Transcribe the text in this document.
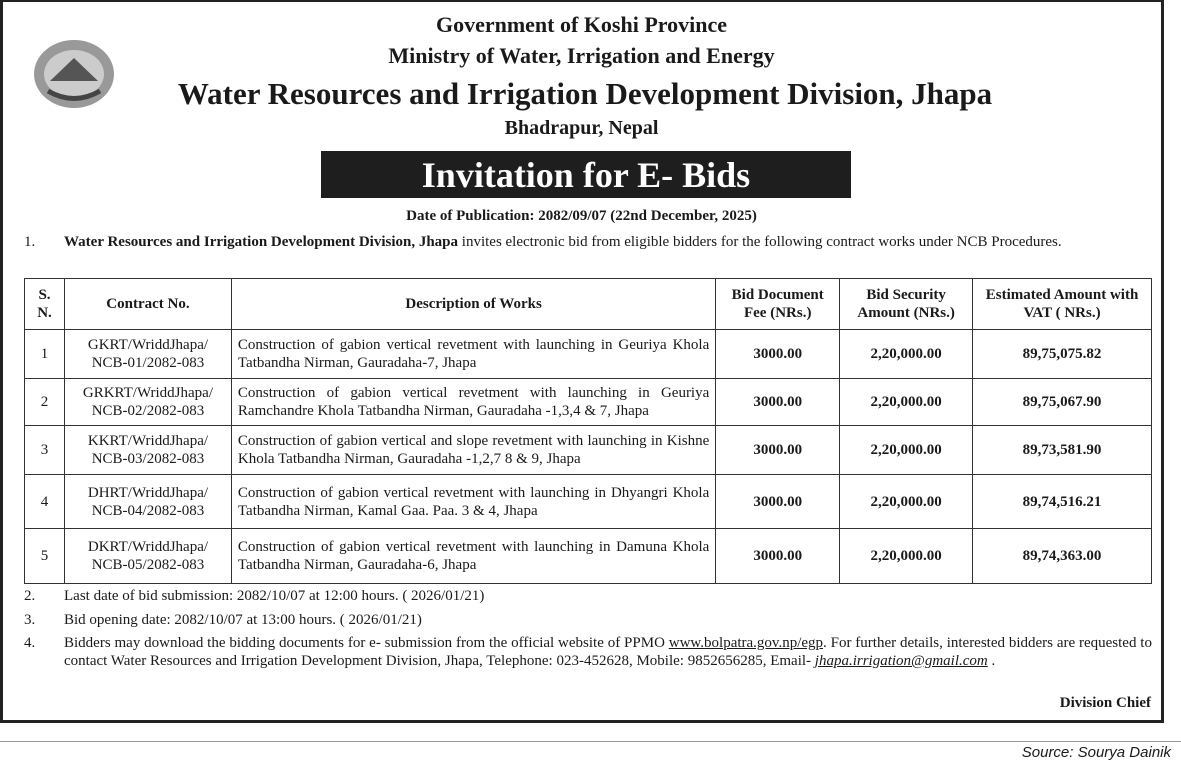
Government of Koshi Province
Ministry of Water, Irrigation and Energy
Water Resources and Irrigation Development Division, Jhapa
Bhadrapur, Nepal
Invitation for E- Bids
Date of Publication: 2082/09/07 (22nd December, 2025)
1.	Water Resources and Irrigation Development Division, Jhapa invites electronic bid from eligible bidders for the following contract works under NCB Procedures.
S. N.	Contract No.	Description of Works	Bid Document Fee (NRs.)	Bid Security Amount (NRs.)	Estimated Amount with VAT ( NRs.)
1	GKRT/WriddJhapa/ NCB-01/2082-083	Construction of gabion vertical revetment with launching in Geuriya Khola Tatbandha Nirman, Gauradaha-7, Jhapa	3000.00	2,20,000.00	89,75,075.82
2	GRKRT/WriddJhapa/ NCB-02/2082-083	Construction of gabion vertical revetment with launching in Geuriya Ramchandre Khola Tatbandha Nirman, Gauradaha -1,3,4 & 7, Jhapa	3000.00	2,20,000.00	89,75,067.90
3	KKRT/WriddJhapa/ NCB-03/2082-083	Construction of gabion vertical and slope revetment with launching in Kishne Khola Tatbandha Nirman, Gauradaha -1,2,7 8 & 9, Jhapa	3000.00	2,20,000.00	89,73,581.90
4	DHRT/WriddJhapa/ NCB-04/2082-083	Construction of gabion vertical revetment with launching in Dhyangri Khola Tatbandha Nirman, Kamal Gaa. Paa. 3 & 4, Jhapa	3000.00	2,20,000.00	89,74,516.21
5	DKRT/WriddJhapa/ NCB-05/2082-083	Construction of gabion vertical revetment with launching in Damuna Khola Tatbandha Nirman, Gauradaha-6, Jhapa	3000.00	2,20,000.00	89,74,363.00
2.	Last date of bid submission: 2082/10/07 at 12:00 hours. ( 2026/01/21)
3.	Bid opening date: 2082/10/07 at 13:00 hours. ( 2026/01/21)
4.	Bidders may download the bidding documents for e- submission from the official website of PPMO www.bolpatra.gov.np/egp. For further details, interested bidders are requested to contact Water Resources and Irrigation Development Division, Jhapa, Telephone: 023-452628, Mobile: 9852656285, Email- jhapa.irrigation@gmail.com .
Division Chief
Source: Sourya Dainik
